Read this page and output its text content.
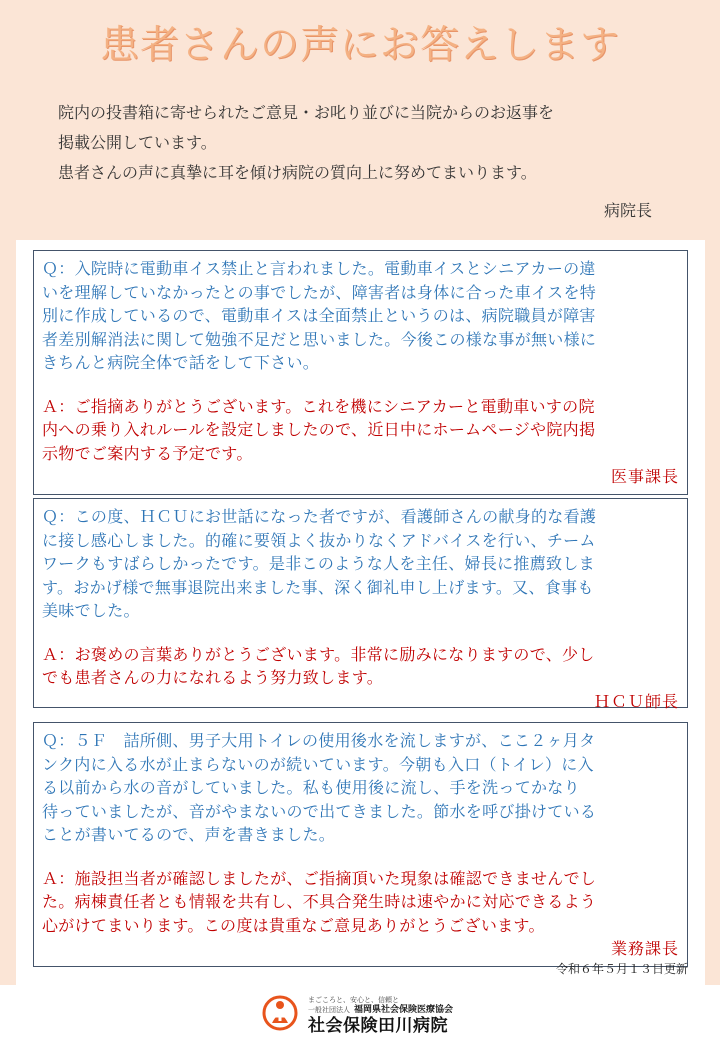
患者さんの声にお答えします
院内の投書箱に寄せられたご意見・お叱り並びに当院からのお返事を
掲載公開しています。
患者さんの声に真摯に耳を傾け病院の質向上に努めてまいります。
病院長
Ｑ：入院時に電動車イス禁止と言われました。電動車イスとシニアカーの違
いを理解していなかったとの事でしたが、障害者は身体に合った車イスを特
別に作成しているので、電動車イスは全面禁止というのは、病院職員が障害
者差別解消法に関して勉強不足だと思いました。今後この様な事が無い様に
きちんと病院全体で話をして下さい。
Ａ：ご指摘ありがとうございます。これを機にシニアカーと電動車いすの院
内への乗り入れルールを設定しましたので、近日中にホームページや院内掲
示物でご案内する予定です。
医事課長
Ｑ：この度、ＨＣＵにお世話になった者ですが、看護師さんの献身的な看護
に接し感心しました。的確に要領よく抜かりなくアドバイスを行い、チーム
ワークもすばらしかったです。是非このような人を主任、婦長に推薦致しま
す。おかげ様で無事退院出来ました事、深く御礼申し上げます。又、食事も
美味でした。
Ａ：お褒めの言葉ありがとうございます。非常に励みになりますので、少し
でも患者さんの力になれるよう努力致します。
ＨＣＵ師長
Ｑ：５Ｆ　詰所側、男子大用トイレの使用後水を流しますが、ここ２ヶ月タ
ンク内に入る水が止まらないのが続いています。今朝も入口（トイレ）に入
る以前から水の音がしていました。私も使用後に流し、手を洗ってかなり
待っていましたが、音がやまないので出てきました。節水を呼び掛けている
ことが書いてるので、声を書きました。
Ａ：施設担当者が確認しましたが、ご指摘頂いた現象は確認できませんでし
た。病棟責任者とも情報を共有し、不具合発生時は速やかに対応できるよう
心がけてまいります。この度は貴重なご意見ありがとうございます。
業務課長
令和６年５月１３日更新
まごころと、安心と、信頼と
一般社団法人 福岡県社会保険医療協会
社会保険田川病院
